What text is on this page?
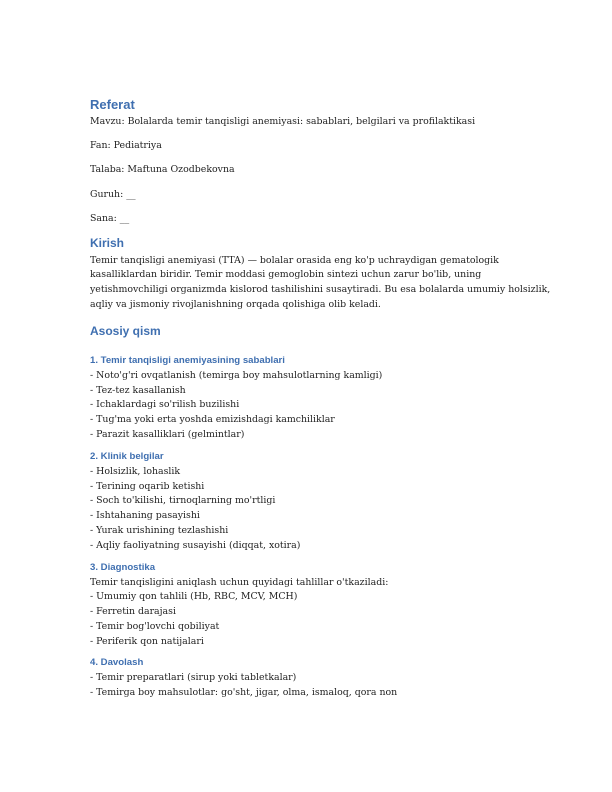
Referat

Mavzu: Bolalarda temir tanqisligi anemiyasi: sabablari, belgilari va profilaktikasi

Fan: Pediatriya

Talaba: Maftuna Ozodbekovna

Guruh: __

Sana: __

Kirish

Temir tanqisligi anemiyasi (TTA) — bolalar orasida eng ko'p uchraydigan gematologik kasalliklardan biridir. Temir moddasi gemoglobin sintezi uchun zarur bo'lib, uning yetishmovchiligi organizmda kislorod tashilishini susaytiradi. Bu esa bolalarda umumiy holsizlik, aqliy va jismoniy rivojlanishning orqada qolishiga olib keladi.

Asosiy qism
1. Temir tanqisligi anemiyasining sabablari
- Noto'g'ri ovqatlanish (temirga boy mahsulotlarning kamligi)
- Tez-tez kasallanish
- Ichaklardagi so'rilish buzilishi
- Tug'ma yoki erta yoshda emizishdagi kamchiliklar
- Parazit kasalliklari (gelmintlar)
2. Klinik belgilar
- Holsizlik, lohaslik
- Terining oqarib ketishi
- Soch to'kilishi, tirnoqlarning mo'rtligi
- Ishtahaning pasayishi
- Yurak urishining tezlashishi
- Aqliy faoliyatning susayishi (diqqat, xotira)
3. Diagnostika

Temir tanqisligini aniqlash uchun quyidagi tahlillar o'tkaziladi:

- Umumiy qon tahlili (Hb, RBC, MCV, MCH)
- Ferretin darajasi
- Temir bog'lovchi qobiliyat
- Periferik qon natijalari
4. Davolash
- Temir preparatlari (sirup yoki tabletkalar)
- Temirga boy mahsulotlar: go'sht, jigar, olma, ismaloq, qora non
